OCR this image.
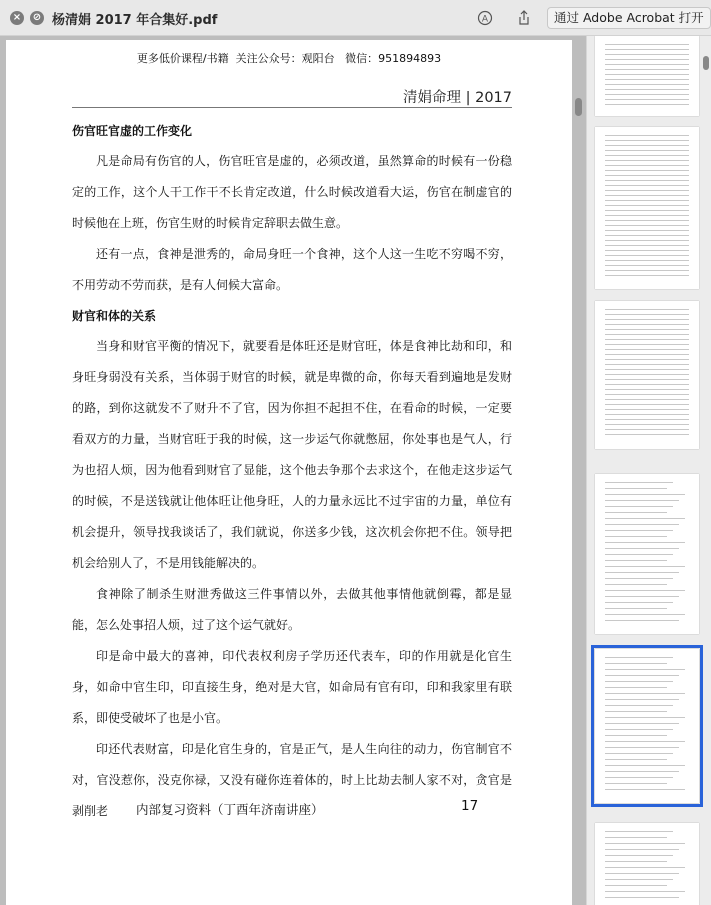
× ⊘ 杨清娟 2017 年合集好.pdf	A	通过 Adobe Acrobat 打开
更多低价课程/书籍  关注公众号：观阳台   微信：951894893
清娟命理 | 2017
伤官旺官虚的工作变化

凡是命局有伤官的人，伤官旺官是虚的，必须改道，虽然算命的时候有一份稳定的工作，这个人干工作干不长肯定改道，什么时候改道看大运，伤官在制虚官的时候他在上班，伤官生财的时候肯定辞职去做生意。

还有一点，食神是泄秀的，命局身旺一个食神，这个人这一生吃不穷喝不穷，不用劳动不劳而获，是有人伺候大富命。

财官和体的关系

当身和财官平衡的情况下，就要看是体旺还是财官旺，体是食神比劫和印，和身旺身弱没有关系，当体弱于财官的时候，就是卑微的命，你每天看到遍地是发财的路，到你这就发不了财升不了官，因为你担不起担不住，在看命的时候，一定要看双方的力量，当财官旺于我的时候，这一步运气你就憋屈，你处事也是气人，行为也招人烦，因为他看到财官了显能，这个他去争那个去求这个，在他走这步运气的时候，不是送钱就让他体旺让他身旺，人的力量永远比不过宇宙的力量，单位有机会提升，领导找我谈话了，我们就说，你送多少钱，这次机会你把不住。领导把机会给别人了，不是用钱能解决的。

食神除了制杀生财泄秀做这三件事情以外，去做其他事情他就倒霉，都是显能，怎么处事招人烦，过了这个运气就好。

印是命中最大的喜神，印代表权利房子学历还代表车，印的作用就是化官生身，如命中官生印，印直接生身，绝对是大官，如命局有官有印，印和我家里有联系，即使受破坏了也是小官。

印还代表财富，印是化官生身的，官是正气，是人生向往的动力，伤官制官不对，官没惹你，没克你禄，又没有碰你连着体的，时上比劫去制人家不对，贪官是剥削老	内部复习资料（丁酉年济南讲座）	17
